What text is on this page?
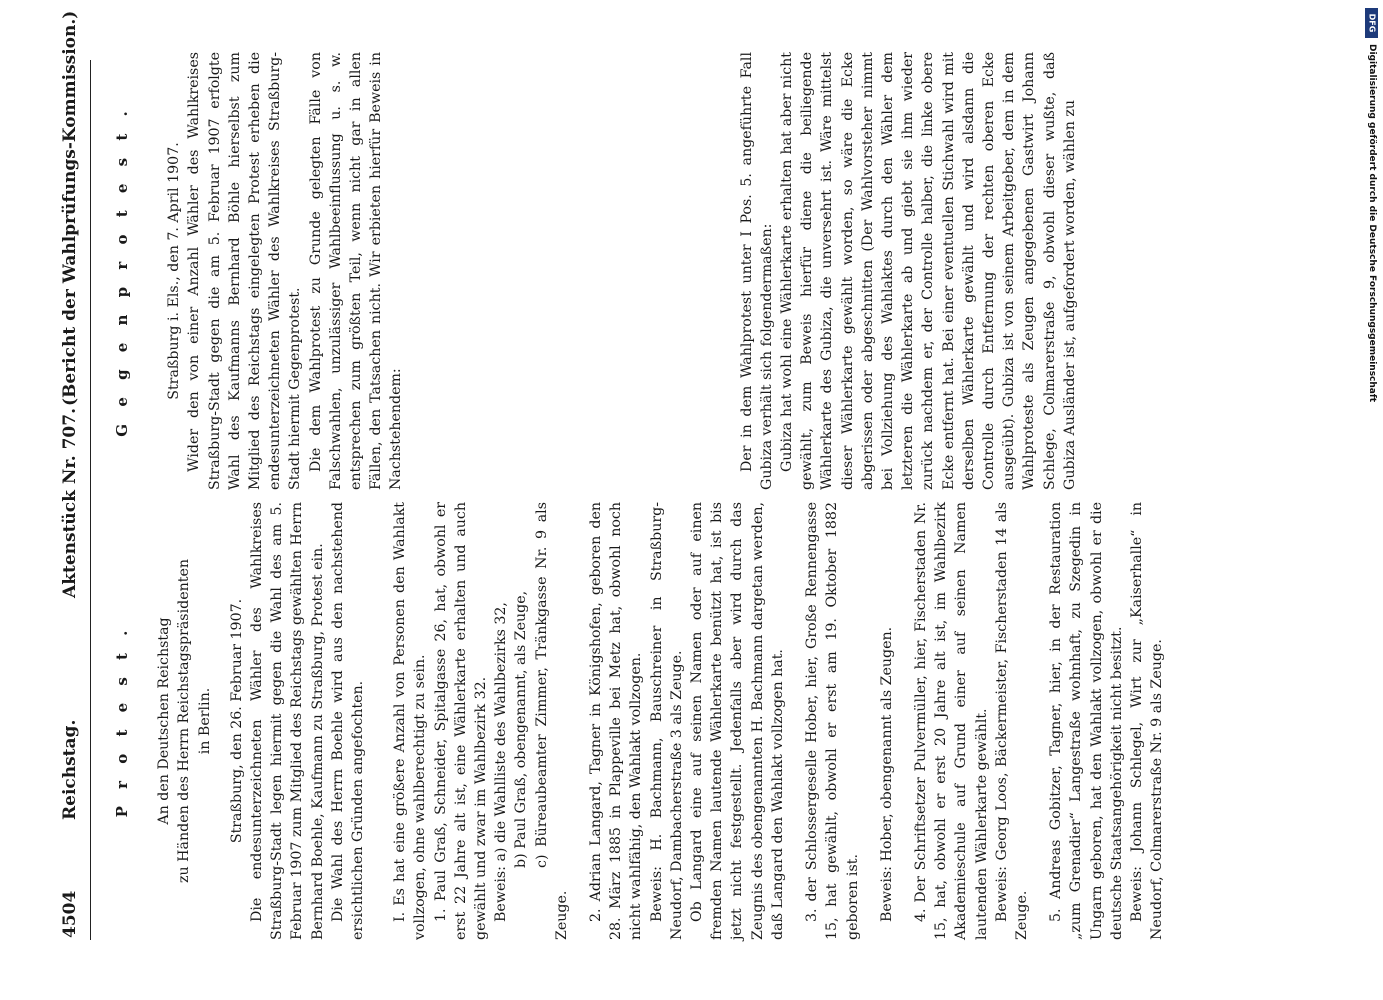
4504
Reichstag.
Aktenstück Nr. 707.
(Bericht der Wahlprüfungs-Kommission.)

P r o t e s t . An den Deutschen Reichstag zu Händen des Herrn Reichstagspräsidenten in Berlin. Straßburg, den 26. Februar 1907. Die endesunterzeichneten Wähler des Wahlkreises Straßburg-Stadt legen hiermit gegen die Wahl des am 5. Februar 1907 zum Mitglied des Reichstags gewählten Herrn Bernhard Boehle, Kaufmann zu Straßburg, Protest ein. Die Wahl des Herrn Boehle wird aus den nachstehend ersichtlichen Gründen angefochten. I. Es hat eine größere Anzahl von Personen den Wahlakt vollzogen, ohne wahlberechtigt zu sein. 1. Paul Graß, Schneider, Spitalgasse 26, hat, obwohl er erst 22 Jahre alt ist, eine Wählerkarte erhalten und auch gewählt und zwar im Wahlbezirk 32. Beweis: a) die Wahlliste des Wahlbezirks 32, b) Paul Graß, obengenannt, als Zeuge, c) Büreaubeamter Zimmer, Tränkgasse Nr. 9 als Zeuge. 2. Adrian Langard, Tagner in Königshofen, geboren den 28. März 1885 in Plappeville bei Metz hat, obwohl noch nicht wahlfähig, den Wahlakt vollzogen. Beweis: H. Bachmann, Bauschreiner in Straßburg-Neudorf, Dambacherstraße 3 als Zeuge. Ob Langard eine auf seinen Namen oder auf einen fremden Namen lautende Wählerkarte benützt hat, ist bis jetzt nicht festgestellt. Jedenfalls aber wird durch das Zeugnis des obengenannten H. Bachmann dargetan werden, daß Langard den Wahlakt vollzogen hat. 3. der Schlossergeselle Hober, hier, Große Rennengasse 15, hat gewählt, obwohl er erst am 19. Oktober 1882 geboren ist. Beweis: Hober, obengenannt als Zeugen. 4. Der Schriftsetzer Pulvermüller, hier, Fischerstaden Nr. 15, hat, obwohl er erst 20 Jahre alt ist, im Wahlbezirk Akademieschule auf Grund einer auf seinen Namen lautenden Wählerkarte gewählt. Beweis: Georg Loos, Bäckermeister, Fischerstaden 14 als Zeuge. 5. Andreas Gobitzer, Tagner, hier, in der Restauration „zum Grenadier“ Langestraße wohnhaft, zu Szegedin in Ungarn geboren, hat den Wahlakt vollzogen, obwohl er die deutsche Staatsangehörigkeit nicht besitzt. Beweis: Johann Schlegel, Wirt zur „Kaiserhalle“ in Neudorf, Colmarerstraße Nr. 9 als Zeuge.

G e g e n p r o t e s t . Straßburg i. Els., den 7. April 1907. Wider den von einer Anzahl Wähler des Wahlkreises Straßburg-Stadt gegen die am 5. Februar 1907 erfolgte Wahl des Kaufmanns Bernhard Böhle hierselbst zum Mitglied des Reichstags eingelegten Protest erheben die endesunterzeichneten Wähler des Wahlkreises Straßburg-Stadt hiermit Gegenprotest. Die dem Wahlprotest zu Grunde gelegten Fälle von Falschwahlen, unzulässiger Wahlbeeinflussung u. s. w. entsprechen zum größten Teil, wenn nicht gar in allen Fällen, den Tatsachen nicht. Wir erbieten hierfür Beweis in Nachstehendem:	Der in dem Wahlprotest unter I Pos. 5. angeführte Fall Gubiza verhält sich folgendermaßen: Gubiza hat wohl eine Wählerkarte erhalten hat aber nicht gewählt, zum Beweis hierfür diene die beiliegende Wählerkarte des Gubiza, die unversehrt ist. Wäre mittelst dieser Wählerkarte gewählt worden, so wäre die Ecke abgerissen oder abgeschnitten (Der Wahlvorsteher nimmt bei Vollziehung des Wahlaktes durch den Wähler dem letzteren die Wählerkarte ab und giebt sie ihm wieder zurück nachdem er, der Controlle halber, die linke obere Ecke entfernt hat. Bei einer eventuellen Stichwahl wird mit derselben Wählerkarte gewählt und wird alsdann die Controlle durch Entfernung der rechten oberen Ecke ausgeübt). Gubiza ist von seinem Arbeitgeber, dem in dem Wahlproteste als Zeugen angegebenen Gastwirt Johann Schlege, Colmarerstraße 9, obwohl dieser wußte, daß Gubiza Ausländer ist, aufgefordert worden, wählen zu

DFG
Digitalisierung gefördert durch die Deutsche Forschungsgemeinschaft
